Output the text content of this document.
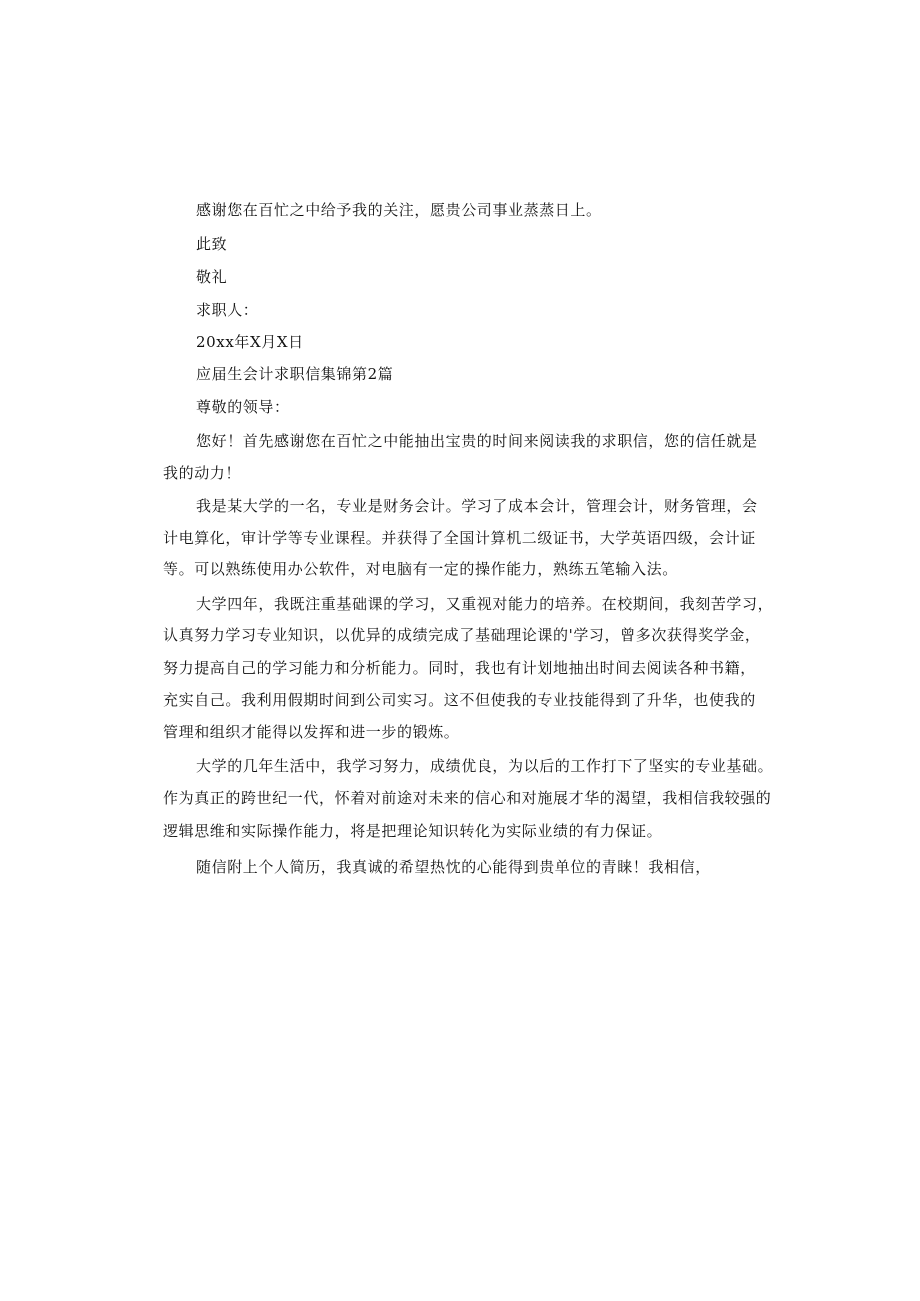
感谢您在百忙之中给予我的关注，愿贵公司事业蒸蒸日上。
此致
敬礼
求职人：
20xx年X月X日
应届生会计求职信集锦第2篇
尊敬的领导：
您好！首先感谢您在百忙之中能抽出宝贵的时间来阅读我的求职信，您的信任就是
我的动力！
我是某大学的一名，专业是财务会计。学习了成本会计，管理会计，财务管理，会
计电算化，审计学等专业课程。并获得了全国计算机二级证书，大学英语四级，会计证
等。可以熟练使用办公软件，对电脑有一定的操作能力，熟练五笔输入法。
大学四年，我既注重基础课的学习，又重视对能力的培养。在校期间，我刻苦学习，
认真努力学习专业知识，以优异的成绩完成了基础理论课的'学习，曾多次获得奖学金，
努力提高自己的学习能力和分析能力。同时，我也有计划地抽出时间去阅读各种书籍，
充实自己。我利用假期时间到公司实习。这不但使我的专业技能得到了升华，也使我的
管理和组织才能得以发挥和进一步的锻炼。
大学的几年生活中，我学习努力，成绩优良，为以后的工作打下了坚实的专业基础。
作为真正的跨世纪一代，怀着对前途对未来的信心和对施展才华的渴望，我相信我较强的
逻辑思维和实际操作能力，将是把理论知识转化为实际业绩的有力保证。
随信附上个人简历，我真诚的希望热忱的心能得到贵单位的青睐！我相信，
